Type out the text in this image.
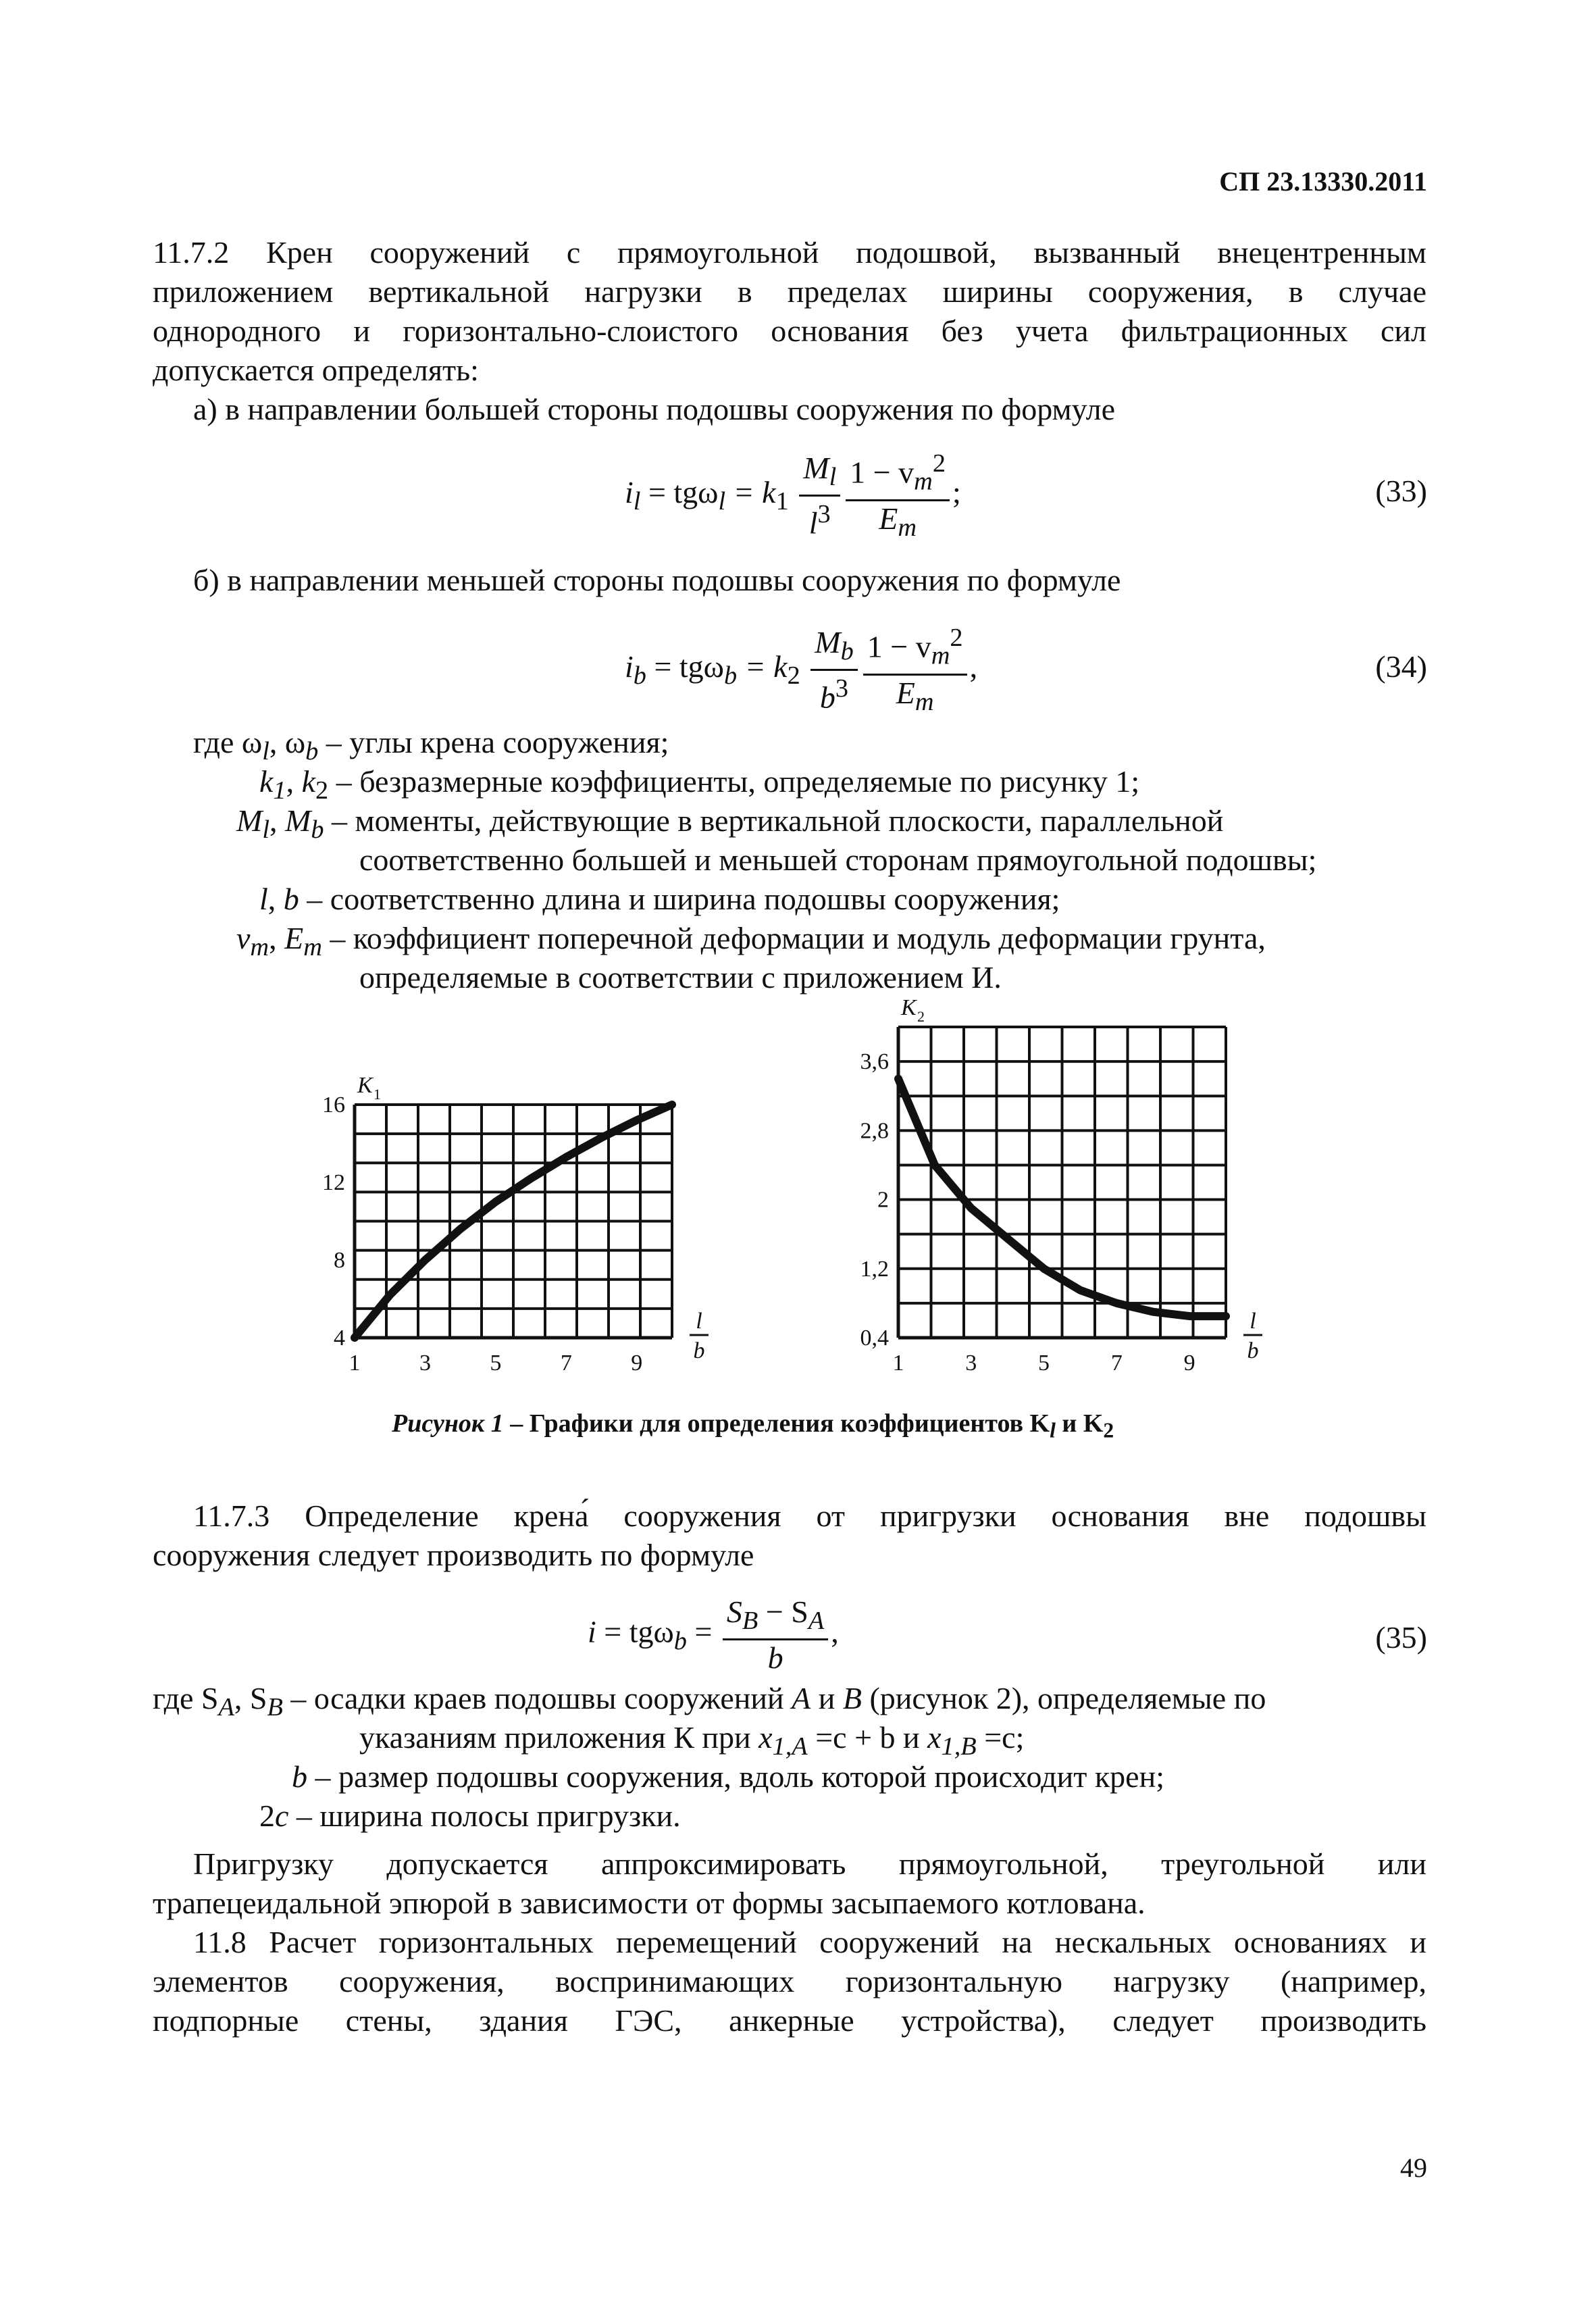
СП 23.13330.2011
11.7.2 Крен сооружений с прямоугольной подошвой, вызванный внецентренным
приложением вертикальной нагрузки в пределах ширины сооружения, в случае
однородного и горизонтально-слоистого основания без учета фильтрационных сил
допускается определять:
а) в направлении большей стороны подошвы сооружения по формуле
$i_l = tg\omega_l = k_1 \frac{M_l}{l^3} \frac{1 - v_m^2}{E_m}$ ;	(33)
б) в направлении меньшей стороны подошвы сооружения по формуле
$i_b = tg\omega_b = k_2 \frac{M_b}{b^3} \frac{1 - v_m^2}{E_m}$ ,	(34)
где $\omega_l$, $\omega_b$ – углы крена сооружения;
$k_1$, $k_2$ – безразмерные коэффициенты, определяемые по рисунку 1;
$M_l$, $M_b$ – моменты, действующие в вертикальной плоскости, параллельной
соответственно большей и меньшей сторонам прямоугольной подошвы;
l, b – соответственно длина и ширина подошвы сооружения;
$v_m$, $E_m$ – коэффициент поперечной деформации и модуль деформации грунта,
определяемые в соответствии с приложением И.
4
8
12
16
1	3	5	7	9
K 1
l
b
0,4
1,2
2
2,8
3,6
1	3	5	7	9
K 2
l
b
Рисунок 1 – Графики для определения коэффициентов $K_l$ и $K_2$
11.7.3 Определение крена́ сооружения от пригрузки основания вне подошвы
сооружения следует производить по формуле
$i = tg\omega_b = \frac{S_B - S_A}{b}$ ,	(35)
где $S_A$, $S_B$ – осадки краев подошвы сооружений A и B (рисунок 2), определяемые по
указаниям приложения К при $x_{1,A} =c + b$ и $x_{1,B} =c$;
b – размер подошвы сооружения, вдоль которой происходит крен;
2c – ширина полосы пригрузки.
Пригрузку допускается аппроксимировать прямоугольной, треугольной или
трапецеидальной эпюрой в зависимости от формы засыпаемого котлована.
11.8 Расчет горизонтальных перемещений сооружений на нескальных основаниях и
элементов сооружения, воспринимающих горизонтальную нагрузку (например,
подпорные стены, здания ГЭС, анкерные устройства), следует производить
49
